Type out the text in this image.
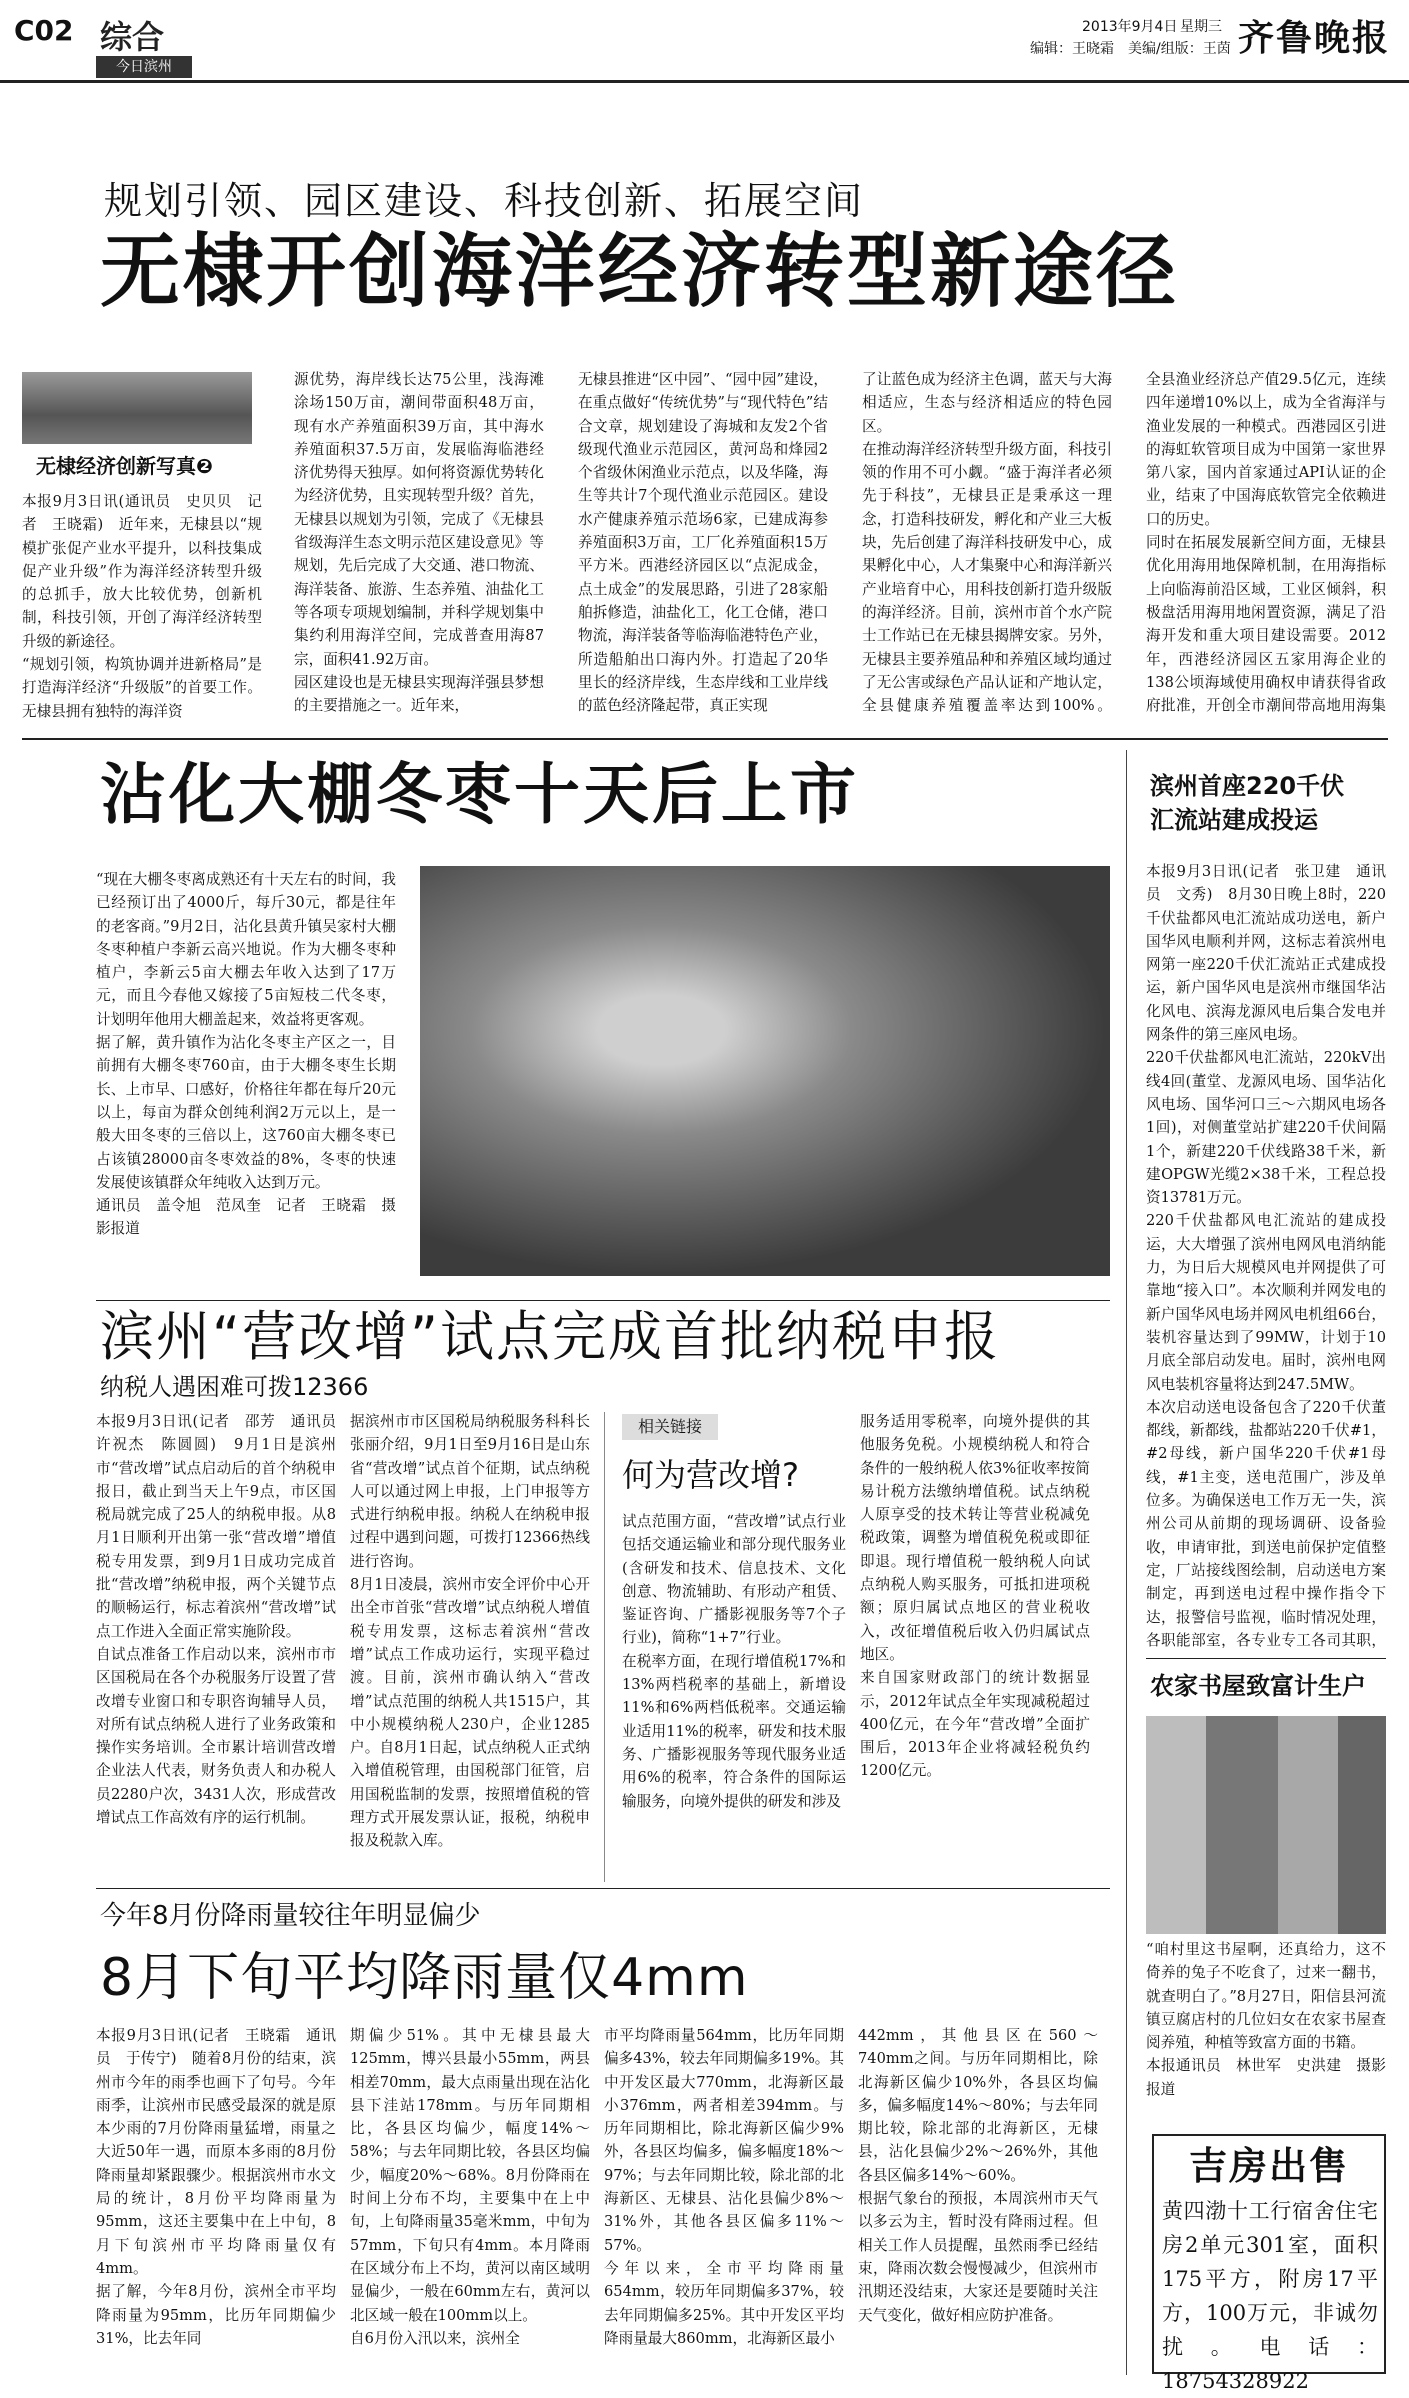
C02 综合
今日滨州
2013年9月4日 星期三
编辑：王晓霜　美编/组版：王茵 齐鲁晚报
规划引领、园区建设、科技创新、拓展空间
无棣开创海洋经济转型新途径
无棣经济创新写真❷
本报9月3日讯(通讯员　史贝贝　记者　王晓霜)　近年来，无棣县以“规模扩张促产业水平提升，以科技集成促产业升级”作为海洋经济转型升级的总抓手，放大比较优势，创新机制，科技引领，开创了海洋经济转型升级的新途径。
“规划引领，构筑协调并进新格局”是打造海洋经济“升级版”的首要工作。无棣县拥有独特的海洋资
源优势，海岸线长达75公里，浅海滩涂场150万亩，潮间带面积48万亩，现有水产养殖面积39万亩，其中海水养殖面积37.5万亩，发展临海临港经济优势得天独厚。如何将资源优势转化为经济优势，且实现转型升级？首先，无棣县以规划为引领，完成了《无棣县省级海洋生态文明示范区建设意见》等规划，先后完成了大交通、港口物流、海洋装备、旅游、生态养殖、油盐化工等各项专项规划编制，并科学规划集中集约利用海洋空间，完成普查用海87宗，面积41.92万亩。
园区建设也是无棣县实现海洋强县梦想的主要措施之一。近年来，
无棣县推进“区中园”、“园中园”建设，在重点做好“传统优势”与“现代特色”结合文章，规划建设了海城和友发2个省级现代渔业示范园区，黄河岛和烽园2个省级休闲渔业示范点，以及华隆，海生等共计7个现代渔业示范园区。建设水产健康养殖示范场6家，已建成海参养殖面积3万亩，工厂化养殖面积15万平方米。西港经济园区以“点泥成金，点土成金”的发展思路，引进了28家船舶拆修造，油盐化工，化工仓储，港口物流，海洋装备等临海临港特色产业，所造船舶出口海内外。打造起了20华里长的经济岸线，生态岸线和工业岸线的蓝色经济隆起带，真正实现
了让蓝色成为经济主色调，蓝天与大海相适应，生态与经济相适应的特色园区。
在推动海洋经济转型升级方面，科技引领的作用不可小觑。“盛于海洋者必须先于科技”，无棣县正是秉承这一理念，打造科技研发，孵化和产业三大板块，先后创建了海洋科技研发中心，成果孵化中心，人才集聚中心和海洋新兴产业培育中心，用科技创新打造升级版的海洋经济。目前，滨州市首个水产院士工作站已在无棣县揭牌安家。另外，无棣县主要养殖品种和养殖区域均通过了无公害或绿色产品认证和产地认定，全县健康养殖覆盖率达到100%。
全县渔业经济总产值29.5亿元，连续四年递增10%以上，成为全省海洋与渔业发展的一种模式。西港园区引进的海虹软管项目成为中国第一家世界第八家，国内首家通过API认证的企业，结束了中国海底软管完全依赖进口的历史。
同时在拓展发展新空间方面，无棣县优化用海用地保障机制，在用海指标上向临海前沿区域，工业区倾斜，积极盘活用海用地闲置资源，满足了沿海开发和重大项目建设需要。2012年，西港经济园区五家用海企业的138公顷海域使用确权申请获得省政府批准，开创全市潮间带高地用海集
沾化大棚冬枣十天后上市
“现在大棚冬枣离成熟还有十天左右的时间，我已经预订出了4000斤，每斤30元，都是往年的老客商。”9月2日，沾化县黄升镇吴家村大棚冬枣种植户李新云高兴地说。作为大棚冬枣种植户，李新云5亩大棚去年收入达到了17万元，而且今春他又嫁接了5亩短枝二代冬枣，计划明年他用大棚盖起来，效益将更客观。
据了解，黄升镇作为沾化冬枣主产区之一，目前拥有大棚冬枣760亩，由于大棚冬枣生长期长、上市早、口感好，价格往年都在每斤20元以上，每亩为群众创纯利润2万元以上，是一般大田冬枣的三倍以上，这760亩大棚冬枣已占该镇28000亩冬枣效益的8%，冬枣的快速发展使该镇群众年纯收入达到万元。
通讯员　盖令旭　范凤奎　记者　王晓霜　摄影报道
滨州“营改增”试点完成首批纳税申报
纳税人遇困难可拨12366
本报9月3日讯(记者　邵芳　通讯员　许祝杰　陈圆圆)　9月1日是滨州市“营改增”试点启动后的首个纳税申报日，截止到当天上午9点，市区国税局就完成了25人的纳税申报。从8月1日顺利开出第一张“营改增”增值税专用发票，到9月1日成功完成首批“营改增”纳税申报，两个关键节点的顺畅运行，标志着滨州“营改增”试点工作进入全面正常实施阶段。
自试点准备工作启动以来，滨州市市区国税局在各个办税服务厅设置了营改增专业窗口和专职咨询辅导人员，对所有试点纳税人进行了业务政策和操作实务培训。全市累计培训营改增企业法人代表，财务负责人和办税人员2280户次，3431人次，形成营改增试点工作高效有序的运行机制。
据滨州市市区国税局纳税服务科科长张丽介绍，9月1日至9月16日是山东省“营改增”试点首个征期，试点纳税人可以通过网上申报，上门申报等方式进行纳税申报。纳税人在纳税申报过程中遇到问题，可拨打12366热线进行咨询。
8月1日凌晨，滨州市安全评价中心开出全市首张“营改增”试点纳税人增值税专用发票，这标志着滨州“营改增”试点工作成功运行，实现平稳过渡。目前，滨州市确认纳入“营改增”试点范围的纳税人共1515户，其中小规模纳税人230户，企业1285户。自8月1日起，试点纳税人正式纳入增值税管理，由国税部门征管，启用国税监制的发票，按照增值税的管理方式开展发票认证，报税，纳税申报及税款入库。
相关链接
何为营改增?
试点范围方面，“营改增”试点行业包括交通运输业和部分现代服务业(含研发和技术、信息技术、文化创意、物流辅助、有形动产租赁、鉴证咨询、广播影视服务等7个子行业)，简称“1+7”行业。
在税率方面，在现行增值税17%和13%两档税率的基础上，新增设11%和6%两档低税率。交通运输业适用11%的税率，研发和技术服务、广播影视服务等现代服务业适用6%的税率，符合条件的国际运输服务，向境外提供的研发和涉及
服务适用零税率，向境外提供的其他服务免税。小规模纳税人和符合条件的一般纳税人依3%征收率按简易计税方法缴纳增值税。试点纳税人原享受的技术转让等营业税减免税政策，调整为增值税免税或即征即退。现行增值税一般纳税人向试点纳税人购买服务，可抵扣进项税额；原归属试点地区的营业税收入，改征增值税后收入仍归属试点地区。
来自国家财政部门的统计数据显示，2012年试点全年实现减税超过400亿元，在今年“营改增”全面扩围后，2013年企业将减轻税负约1200亿元。
今年8月份降雨量较往年明显偏少
8月下旬平均降雨量仅4mm
本报9月3日讯(记者　王晓霜　通讯员　于传宁)　随着8月份的结束，滨州市今年的雨季也画下了句号。今年雨季，让滨州市民感受最深的就是原本少雨的7月份降雨量猛增，雨量之大近50年一遇，而原本多雨的8月份降雨量却紧跟骤少。根据滨州市水文局的统计，8月份平均降雨量为95mm，这还主要集中在上中旬，8月下旬滨州市平均降雨量仅有4mm。
据了解，今年8月份，滨州全市平均降雨量为95mm，比历年同期偏少31%，比去年同
期偏少51%。其中无棣县最大125mm，博兴县最小55mm，两县相差70mm，最大点雨量出现在沾化县下洼站178mm。与历年同期相比，各县区均偏少，幅度14%～58%；与去年同期比较，各县区均偏少，幅度20%～68%。8月份降雨在时间上分布不均，主要集中在上中旬，上旬降雨量35毫米mm，中旬为57mm，下旬只有4mm。本月降雨在区域分布上不均，黄河以南区域明显偏少，一般在60mm左右，黄河以北区域一般在100mm以上。
自6月份入汛以来，滨州全
市平均降雨量564mm，比历年同期偏多43%，较去年同期偏多19%。其中开发区最大770mm，北海新区最小376mm，两者相差394mm。与历年同期相比，除北海新区偏少9%外，各县区均偏多，偏多幅度18%～97%；与去年同期比较，除北部的北海新区、无棣县、沾化县偏少8%～31%外，其他各县区偏多11%～57%。
今年以来，全市平均降雨量654mm，较历年同期偏多37%，较去年同期偏多25%。其中开发区平均降雨量最大860mm，北海新区最小
442mm，其他县区在560～740mm之间。与历年同期相比，除北海新区偏少10%外，各县区均偏多，偏多幅度14%～80%；与去年同期比较，除北部的北海新区，无棣县，沾化县偏少2%～26%外，其他各县区偏多14%～60%。
根据气象台的预报，本周滨州市天气以多云为主，暂时没有降雨过程。但相关工作人员提醒，虽然雨季已经结束，降雨次数会慢慢减少，但滨州市汛期还没结束，大家还是要随时关注天气变化，做好相应防护准备。
滨州首座220千伏
汇流站建成投运
本报9月3日讯(记者　张卫建　通讯员　文秀)　8月30日晚上8时，220千伏盐都风电汇流站成功送电，新户国华风电顺利并网，这标志着滨州电网第一座220千伏汇流站正式建成投运，新户国华风电是滨州市继国华沾化风电、滨海龙源风电后集合发电并网条件的第三座风电场。
220千伏盐都风电汇流站，220kV出线4回(董堂、龙源风电场、国华沾化风电场、国华河口三～六期风电场各1回)，对侧董堂站扩建220千伏间隔1个，新建220千伏线路38千米，新建OPGW光缆2×38千米，工程总投资13781万元。
220千伏盐都风电汇流站的建成投运，大大增强了滨州电网风电消纳能力，为日后大规模风电并网提供了可靠地“接入口”。本次顺利并网发电的新户国华风电场并网风电机组66台，装机容量达到了99MW，计划于10月底全部启动发电。届时，滨州电网风电装机容量将达到247.5MW。
本次启动送电设备包含了220千伏董都线，新都线，盐都站220千伏#1，#2母线，新户国华220千伏#1母线，#1主变，送电范围广，涉及单位多。为确保送电工作万无一失，滨州公司从前期的现场调研、设备验收，申请审批，到送电前保护定值整定，厂站接线图绘制，启动送电方案制定，再到送电过程中操作指令下达，报警信号监视，临时情况处理，各职能部室，各专业专工各司其职，
农家书屋致富计生户
“咱村里这书屋啊，还真给力，这不倚养的兔子不吃食了，过来一翻书，就查明白了。”8月27日，阳信县河流镇豆腐店村的几位妇女在农家书屋查阅养殖，种植等致富方面的书籍。
本报通讯员　林世军　史洪建　摄影报道
吉房出售
黄四渤十工行宿舍住宅房2单元301室，面积175平方，附房17平方，100万元，非诚勿扰。电话：18754328922
